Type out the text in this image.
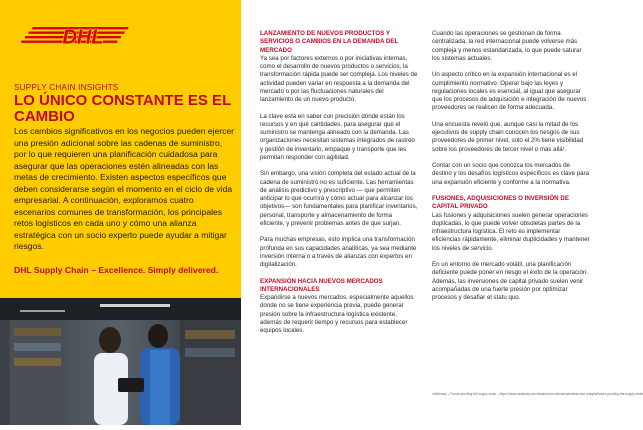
DHL
SUPPLY CHAIN INSIGHTS
LO ÚNICO CONSTANTE ES EL
CAMBIO
Los cambios significativos en los negocios pueden ejercer una presión adicional sobre las cadenas de suministro, por lo que requieren una planificación cuidadosa para asegurar que las operaciones estén alineadas con las metas de crecimiento. Existen aspectos específicos que deben considerarse según el momento en el ciclo de vida empresarial. A continuación, exploramos cuatro escenarios comunes de transformación, los principales retos logísticos en cada uno y cómo una alianza estratégica con un socio experto puede ayudar a mitigar riesgos.
DHL Supply Chain – Excellence. Simply delivered.
LANZAMIENTO DE NUEVOS PRODUCTOS Y SERVICIOS O CAMBIOS EN LA DEMANDA DEL MERCADO

Ya sea por factores externos o por iniciativas internas, como el desarrollo de nuevos productos o servicios, la transformación rápida puede ser compleja. Los niveles de actividad pueden variar en respuesta a la demanda del mercado o por las fluctuaciones naturales del lanzamiento de un nuevo producto.

La clave está en saber con precisión dónde están los recursos y en qué cantidades, para asegurar que el suministro se mantenga alineado con la demanda. Las organizaciones necesitan sistemas integrados de rastreo y gestión de inventario, empaque y transporte que les permitan responder con agilidad.

Sin embargo, una visión completa del estado actual de la cadena de suministro no es suficiente. Las herramientas de análisis predictivo y prescriptivo — que permiten anticipar lo que ocurrirá y cómo actuar para alcanzar los objetivos— son fundamentales para planificar inventarios, personal, transporte y almacenamiento de forma eficiente, y prevenir problemas antes de que surjan.

Para muchas empresas, esto implica una transformación profunda en sus capacidades analíticas, ya sea mediante inversión interna o a través de alianzas con expertos en digitalización.

EXPANSIÓN HACIA NUEVOS MERCADOS INTERNACIONALES

Expandirse a nuevos mercados, especialmente aquellos donde no se tiene experiencia previa, puede generar presión sobre la infraestructura logística existente, además de requerir tiempo y recursos para establecer equipos locales.

Cuando las operaciones se gestionan de forma centralizada, la red internacional puede volverse más compleja y menos estandarizada, lo que puede saturar los sistemas actuales.

Un aspecto crítico en la expansión internacional es el cumplimiento normativo. Operar bajo las leyes y regulaciones locales es esencial, al igual que asegurar que los procesos de adquisición e integración de nuevos proveedores se realicen de forma adecuada.

Una encuesta reveló que, aunque casi la mitad de los ejecutivos de supply chain conocen los riesgos de sus proveedores de primer nivel, solo el 2% tiene visibilidad sobre los proveedores de tercer nivel o más allá¹.

Contar con un socio que conozca los mercados de destino y los desafíos logísticos específicos es clave para una expansión eficiente y conforme a la normativa.

FUSIONES, ADQUISICIONES O INVERSIÓN DE CAPITAL PRIVADO

Las fusiones y adquisiciones suelen generar operaciones duplicadas, lo que puede volver obsoletas partes de la infraestructura logística. El reto es implementar eficiencias rápidamente, eliminar duplicidades y mantener los niveles de servicio.

En un entorno de mercado volátil, una planificación deficiente puede poner en riesgo el éxito de la operación. Además, las inversiones de capital privado suelen venir acompañadas de una fuerte presión por optimizar procesos y desafiar el statu quo.

¹McKinsey – Future-proofing the supply chain – https://www.mckinsey.com/business-functions/operations/our-insights/future-proofing-the-supply-chain
